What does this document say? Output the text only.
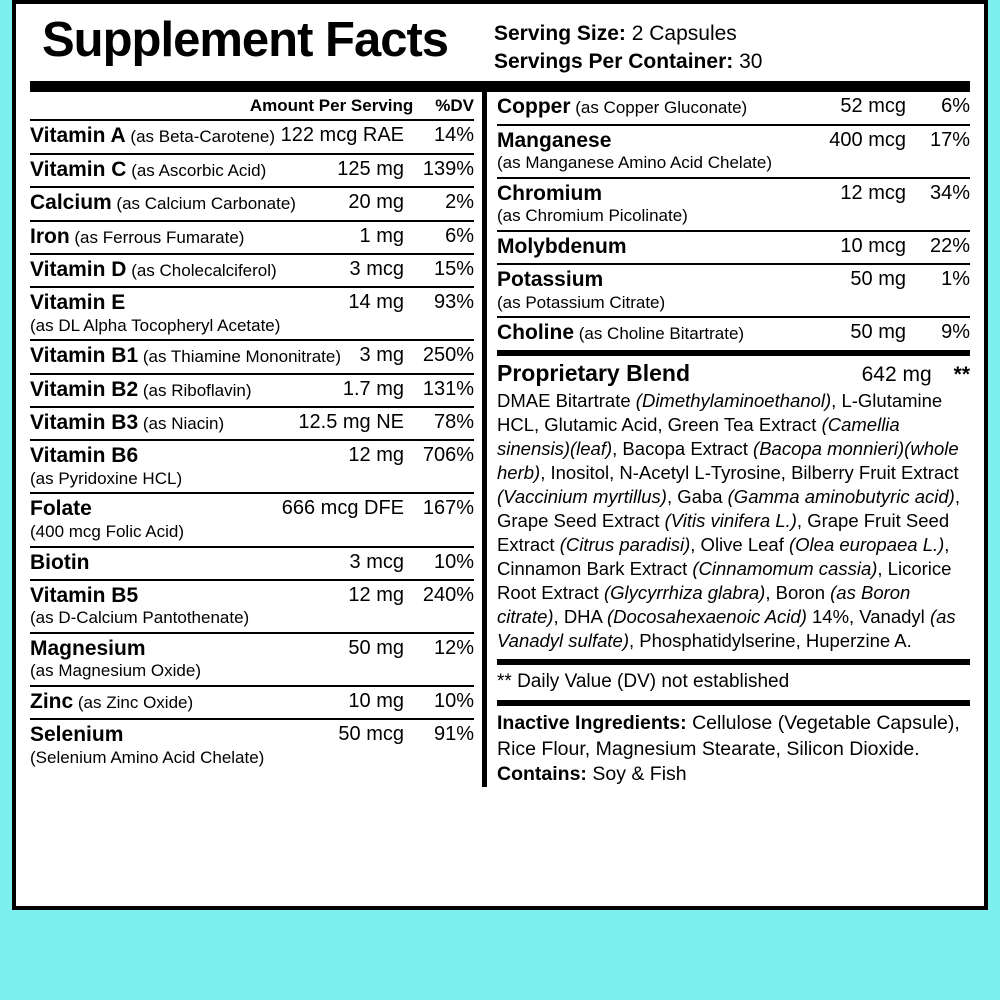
Supplement Facts Serving Size: 2 Capsules
Servings Per Container: 30
Amount Per Serving %DV
Vitamin A (as Beta-Carotene) 122 mcg RAE	14%
Vitamin C (as Ascorbic Acid)	125 mg 139%
Calcium (as Calcium Carbonate)	20 mg	2%
Iron (as Ferrous Fumarate)	1 mg	6%
Vitamin D (as Cholecalciferol)	3 mcg	15%
Vitamin E
(as DL Alpha Tocopheryl Acetate)
14 mg	93%
Vitamin B1 (as Thiamine Mononitrate) 3 mg 250%
Vitamin B2 (as Riboflavin)	1.7 mg 131%
Vitamin B3 (as Niacin)	12.5 mg NE	78%
Vitamin B6
(as Pyridoxine HCL)
12 mg 706%
Folate
(400 mcg Folic Acid)
666 mcg DFE 167%
Biotin	3 mcg	10%
Vitamin B5
(as D-Calcium Pantothenate)
12 mg 240%
Magnesium
(as Magnesium Oxide)
50 mg	12%
Zinc (as Zinc Oxide)	10 mg	10%
Selenium
(Selenium Amino Acid Chelate)
50 mcg	91%
Copper (as Copper Gluconate)	52 mcg	6%
Manganese
(as Manganese Amino Acid Chelate)
400 mcg	17%
Chromium
(as Chromium Picolinate)
12 mcg	34%
Molybdenum	10 mcg	22%
Potassium
(as Potassium Citrate)
50 mg	1%
Choline (as Choline Bitartrate)	50 mg	9%
Proprietary Blend	642 mg	**
DMAE Bitartrate (Dimethylaminoethanol), L-Glutamine HCL, Glutamic Acid, Green Tea Extract (Camellia sinensis)(leaf), Bacopa Extract (Bacopa monnieri)(whole herb), Inositol, N-Acetyl L-Tyrosine, Bilberry Fruit Extract (Vaccinium myrtillus), Gaba (Gamma aminobutyric acid), Grape Seed Extract (Vitis vinifera L.), Grape Fruit Seed Extract (Citrus paradisi), Olive Leaf (Olea europaea L.), Cinnamon Bark Extract (Cinnamomum cassia), Licorice Root Extract (Glycyrrhiza glabra), Boron (as Boron citrate), DHA (Docosahexaenoic Acid) 14%, Vanadyl (as Vanadyl sulfate), Phosphatidylserine, Huperzine A.
** Daily Value (DV) not established
Inactive Ingredients: Cellulose (Vegetable Capsule), Rice Flour, Magnesium Stearate, Silicon Dioxide.
Contains: Soy & Fish
